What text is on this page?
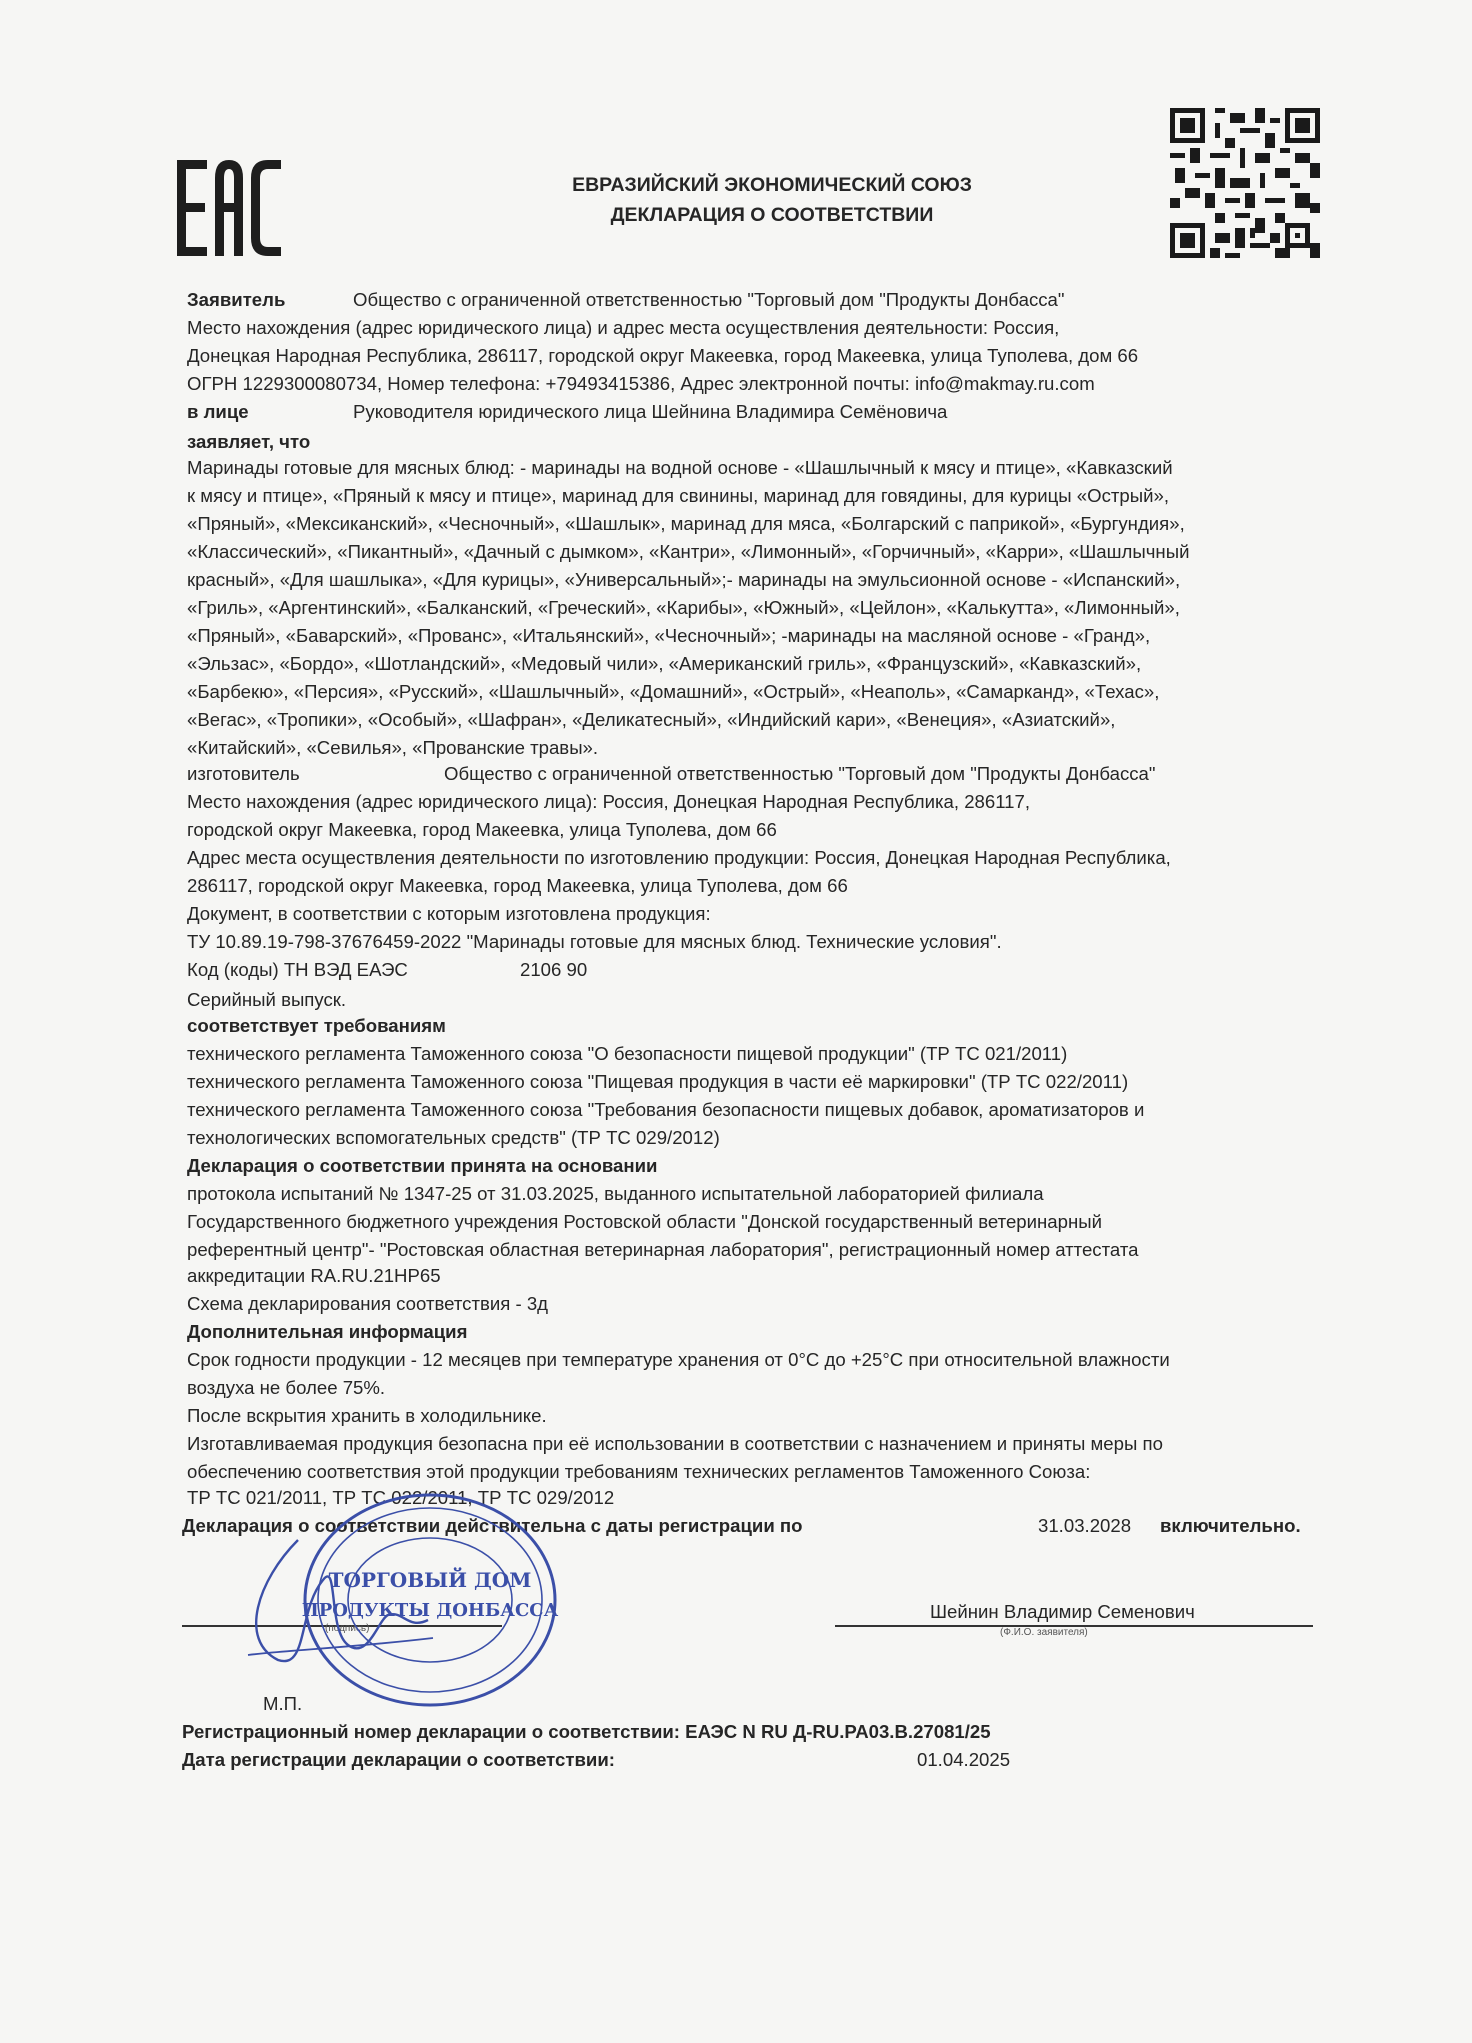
ЕВРАЗИЙСКИЙ ЭКОНОМИЧЕСКИЙ СОЮЗ
ДЕКЛАРАЦИЯ О СООТВЕТСТВИИ
Заявитель	Общество с ограниченной ответственностью "Торговый дом "Продукты Донбасса"
Место нахождения (адрес юридического лица) и адрес места осуществления деятельности: Россия,
Донецкая Народная Республика, 286117, городской округ Макеевка, город Макеевка, улица Туполева, дом 66
ОГРН 1229300080734, Номер телефона: +79493415386, Адрес электронной почты: info@makmay.ru.com
в лице	Руководителя юридического лица Шейнина Владимира Семёновича
заявляет, что
Маринады готовые для мясных блюд: - маринады на водной основе - «Шашлычный к мясу и птице», «Кавказский
к мясу и птице», «Пряный к мясу и птице», маринад для свинины, маринад для говядины, для курицы «Острый»,
«Пряный», «Мексиканский», «Чесночный», «Шашлык», маринад для мяса, «Болгарский с паприкой», «Бургундия»,
«Классический», «Пикантный», «Дачный с дымком», «Кантри», «Лимонный», «Горчичный», «Карри», «Шашлычный
красный», «Для шашлыка», «Для курицы», «Универсальный»;- маринады на эмульсионной основе - «Испанский»,
«Гриль», «Аргентинский», «Балканский, «Греческий», «Карибы», «Южный», «Цейлон», «Калькутта», «Лимонный»,
«Пряный», «Баварский», «Прованс», «Итальянский», «Чесночный»; -маринады на масляной основе - «Гранд»,
«Эльзас», «Бордо», «Шотландский», «Медовый чили», «Американский гриль», «Французский», «Кавказский»,
«Барбекю», «Персия», «Русский», «Шашлычный», «Домашний», «Острый», «Неаполь», «Самарканд», «Техас»,
«Вегас», «Тропики», «Особый», «Шафран», «Деликатесный», «Индийский кари», «Венеция», «Азиатский»,
«Китайский», «Севилья», «Прованские травы».
изготовитель	Общество с ограниченной ответственностью "Торговый дом "Продукты Донбасса"
Место нахождения (адрес юридического лица): Россия, Донецкая Народная Республика, 286117,
городской округ Макеевка, город Макеевка, улица Туполева, дом 66
Адрес места осуществления деятельности по изготовлению продукции: Россия, Донецкая Народная Республика,
286117, городской округ Макеевка, город Макеевка, улица Туполева, дом 66
Документ, в соответствии с которым изготовлена продукция:
ТУ 10.89.19-798-37676459-2022 "Маринады готовые для мясных блюд. Технические условия".
Код (коды) ТН ВЭД ЕАЭС	2106 90
Серийный выпуск.
соответствует требованиям
технического регламента Таможенного союза "О безопасности пищевой продукции" (ТР ТС 021/2011)
технического регламента Таможенного союза "Пищевая продукция в части её маркировки" (ТР ТС 022/2011)
технического регламента Таможенного союза "Требования безопасности пищевых добавок, ароматизаторов и
технологических вспомогательных средств" (ТР ТС 029/2012)
Декларация о соответствии принята на основании
протокола испытаний № 1347-25 от 31.03.2025, выданного испытательной лабораторией филиала
Государственного бюджетного учреждения Ростовской области "Донской государственный ветеринарный
референтный центр"- "Ростовская областная ветеринарная лаборатория", регистрационный номер аттестата
аккредитации RA.RU.21НР65
Схема декларирования соответствия - 3д
Дополнительная информация
Срок годности продукции - 12 месяцев при температуре хранения от 0°С до +25°С при относительной влажности
воздуха не более 75%.
После вскрытия хранить в холодильнике.
Изготавливаемая продукция безопасна при её использовании в соответствии с назначением и приняты меры по
обеспечению соответствия этой продукции требованиям технических регламентов Таможенного Союза:
ТР ТС 021/2011, ТР ТС 022/2011, ТР ТС 029/2012
Декларация о соответствии действительна с даты регистрации по	31.03.2028 включительно.
(подпись)
Шейнин Владимир Семенович
(Ф.И.О. заявителя)
М.П.
ТОРГОВЫЙ ДОМ
ПРОДУКТЫ ДОНБАССА
Регистрационный номер декларации о соответствии: ЕАЭС N RU Д-RU.РА03.В.27081/25
Дата регистрации декларации о соответствии:	01.04.2025
